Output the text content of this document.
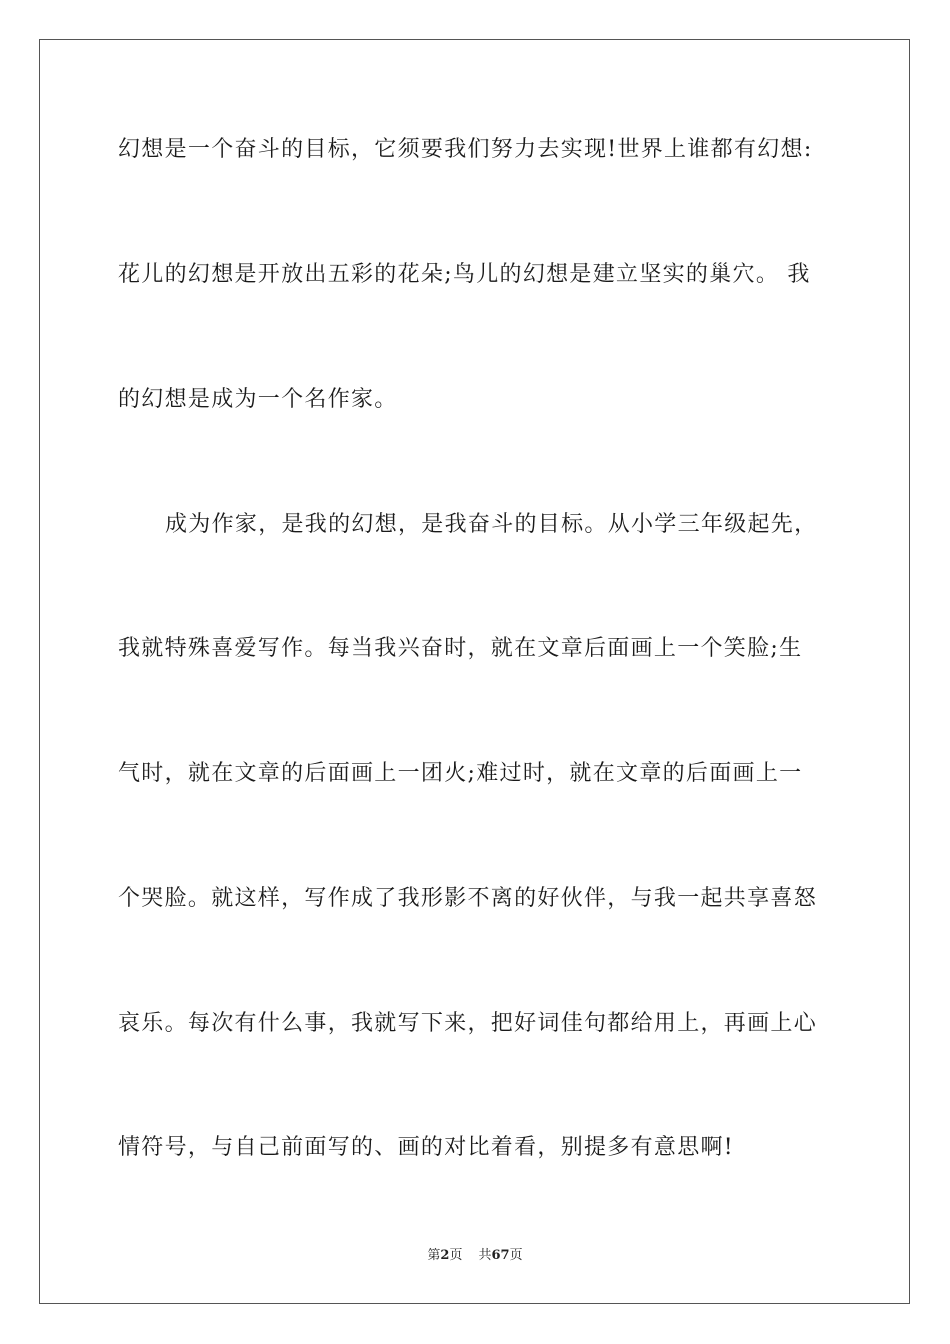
幻想是一个奋斗的目标，它须要我们努力去实现!世界上谁都有幻想:
花儿的幻想是开放出五彩的花朵;鸟儿的幻想是建立坚实的巢穴。 我
的幻想是成为一个名作家。
成为作家，是我的幻想，是我奋斗的目标。从小学三年级起先，
我就特殊喜爱写作。每当我兴奋时，就在文章后面画上一个笑脸;生
气时，就在文章的后面画上一团火;难过时，就在文章的后面画上一
个哭脸。就这样，写作成了我形影不离的好伙伴，与我一起共享喜怒
哀乐。每次有什么事，我就写下来，把好词佳句都给用上，再画上心
情符号，与自己前面写的、画的对比着看，别提多有意思啊!
第2页 共67页
